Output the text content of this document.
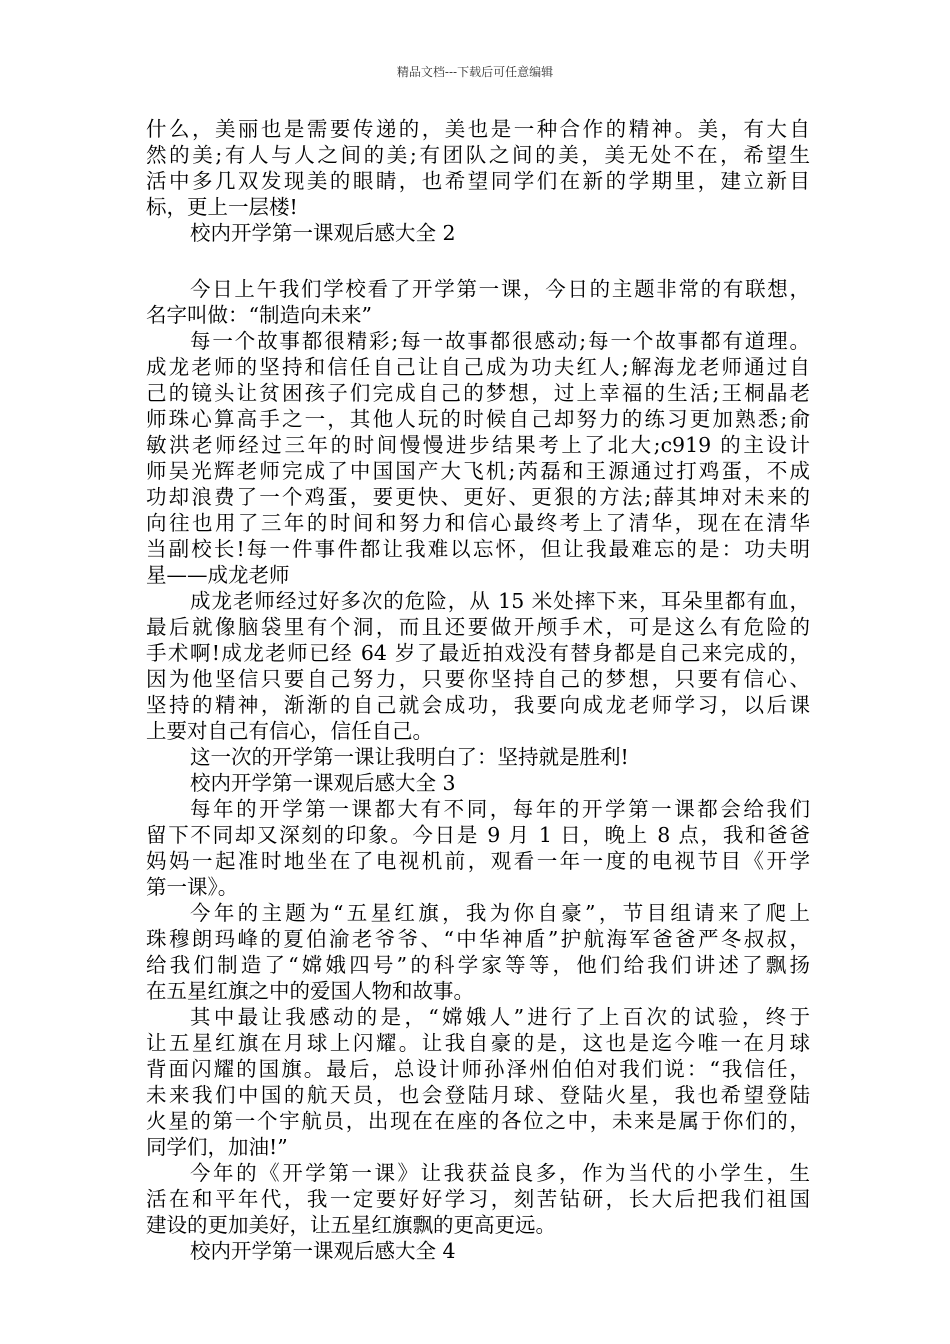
精品文档---下载后可任意编辑
什么，美丽也是需要传递的，美也是一种合作的精神。美，有大自
然的美;有人与人之间的美;有团队之间的美，美无处不在，希望生
活中多几双发现美的眼睛，也希望同学们在新的学期里，建立新目
标，更上一层楼!
校内开学第一课观后感大全 2
今日上午我们学校看了开学第一课，今日的主题非常的有联想，
名字叫做：“制造向未来”
每一个故事都很精彩;每一故事都很感动;每一个故事都有道理。
成龙老师的坚持和信任自己让自己成为功夫红人;解海龙老师通过自
己的镜头让贫困孩子们完成自己的梦想，过上幸福的生活;王桐晶老
师珠心算高手之一，其他人玩的时候自己却努力的练习更加熟悉;俞
敏洪老师经过三年的时间慢慢进步结果考上了北大;c919 的主设计
师吴光辉老师完成了中国国产大飞机;芮磊和王源通过打鸡蛋，不成
功却浪费了一个鸡蛋，要更快、更好、更狠的方法;薛其坤对未来的
向往也用了三年的时间和努力和信心最终考上了清华，现在在清华
当副校长!每一件事件都让我难以忘怀，但让我最难忘的是：功夫明
星——成龙老师
成龙老师经过好多次的危险，从 15 米处摔下来，耳朵里都有血，
最后就像脑袋里有个洞，而且还要做开颅手术，可是这么有危险的
手术啊!成龙老师已经 64 岁了最近拍戏没有替身都是自己来完成的，
因为他坚信只要自己努力，只要你坚持自己的梦想，只要有信心、
坚持的精神，渐渐的自己就会成功，我要向成龙老师学习，以后课
上要对自己有信心，信任自己。
这一次的开学第一课让我明白了：坚持就是胜利!
校内开学第一课观后感大全 3
每年的开学第一课都大有不同，每年的开学第一课都会给我们
留下不同却又深刻的印象。今日是 9 月 1 日，晚上 8 点，我和爸爸
妈妈一起准时地坐在了电视机前，观看一年一度的电视节目《开学
第一课》。
今年的主题为“五星红旗，我为你自豪”，节目组请来了爬上
珠穆朗玛峰的夏伯渝老爷爷、“中华神盾”护航海军爸爸严冬叔叔，
给我们制造了“嫦娥四号”的科学家等等，他们给我们讲述了飘扬
在五星红旗之中的爱国人物和故事。
其中最让我感动的是，“嫦娥人”进行了上百次的试验，终于
让五星红旗在月球上闪耀。让我自豪的是，这也是迄今唯一在月球
背面闪耀的国旗。最后，总设计师孙泽州伯伯对我们说：“我信任，
未来我们中国的航天员，也会登陆月球、登陆火星，我也希望登陆
火星的第一个宇航员，出现在在座的各位之中，未来是属于你们的，
同学们，加油!”
今年的《开学第一课》让我获益良多，作为当代的小学生，生
活在和平年代，我一定要好好学习，刻苦钻研，长大后把我们祖国
建设的更加美好，让五星红旗飘的更高更远。
校内开学第一课观后感大全 4
